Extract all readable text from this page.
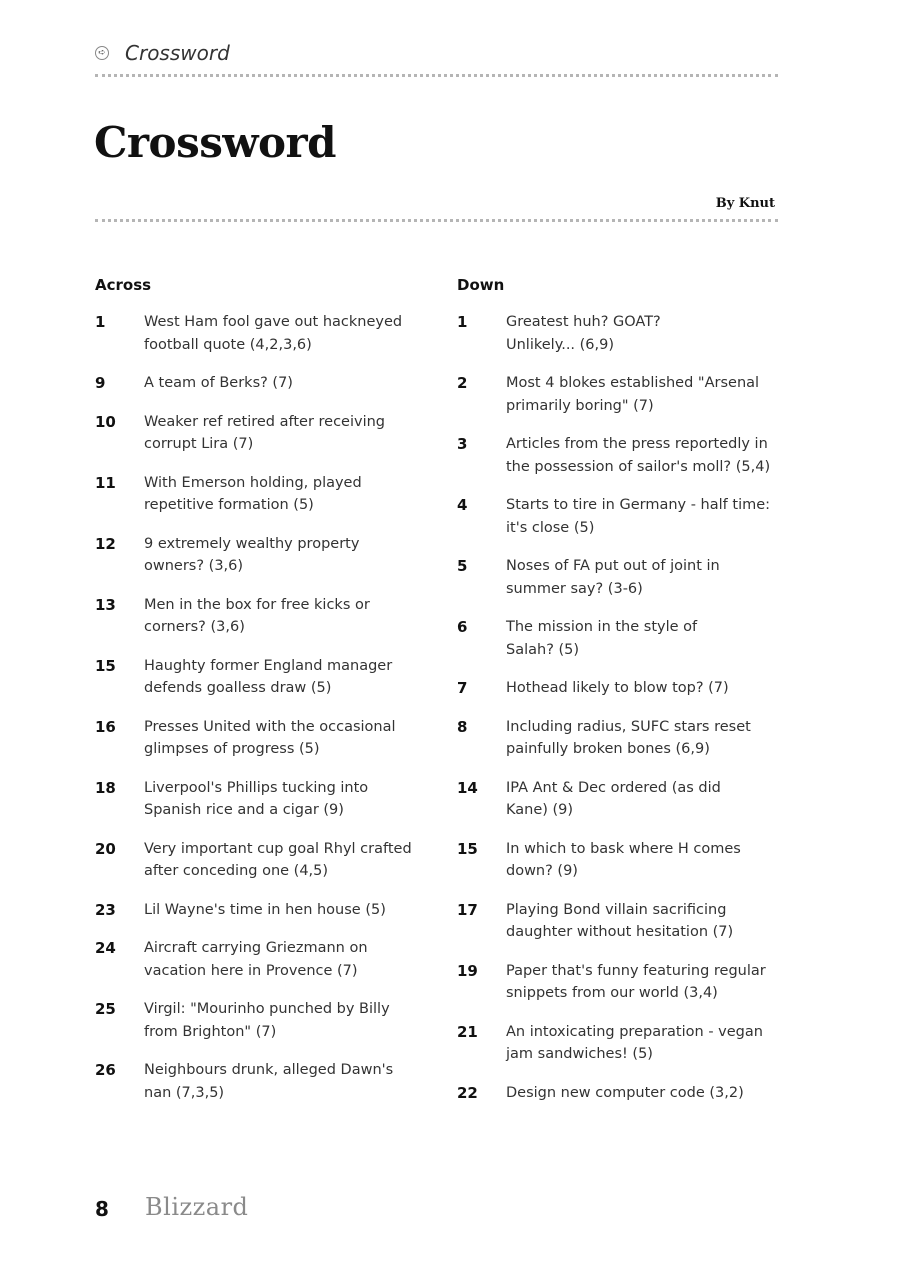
➪ Crossword
Crossword
By Knut
Across
1	West Ham fool gave out hackneyed
football quote (4,2,3,6)
9	A team of Berks? (7)
10	Weaker ref retired after receiving
corrupt Lira (7)
11	With Emerson holding, played
repetitive formation (5)
12	9 extremely wealthy property
owners? (3,6)
13	Men in the box for free kicks or
corners? (3,6)
15	Haughty former England manager
defends goalless draw (5)
16	Presses United with the occasional
glimpses of progress (5)
18	Liverpool's Phillips tucking into
Spanish rice and a cigar (9)
20	Very important cup goal Rhyl crafted
after conceding one (4,5)
23	Lil Wayne's time in hen house (5)
24	Aircraft carrying Griezmann on
vacation here in Provence (7)
25	Virgil: "Mourinho punched by Billy
from Brighton" (7)
26	Neighbours drunk, alleged Dawn's
nan (7,3,5)
Down
1	Greatest huh? GOAT?
Unlikely... (6,9)
2	Most 4 blokes established "Arsenal
primarily boring" (7)
3	Articles from the press reportedly in
the possession of sailor's moll? (5,4)
4	Starts to tire in Germany - half time:
it's close (5)
5	Noses of FA put out of joint in
summer say? (3-6)
6	The mission in the style of
Salah? (5)
7	Hothead likely to blow top? (7)
8	Including radius, SUFC stars reset
painfully broken bones (6,9)
14	IPA Ant & Dec ordered (as did
Kane) (9)
15	In which to bask where H comes
down? (9)
17	Playing Bond villain sacrificing
daughter without hesitation (7)
19	Paper that's funny featuring regular
snippets from our world (3,4)
21	An intoxicating preparation - vegan
jam sandwiches! (5)
22	Design new computer code (3,2)
8 Blizzard
